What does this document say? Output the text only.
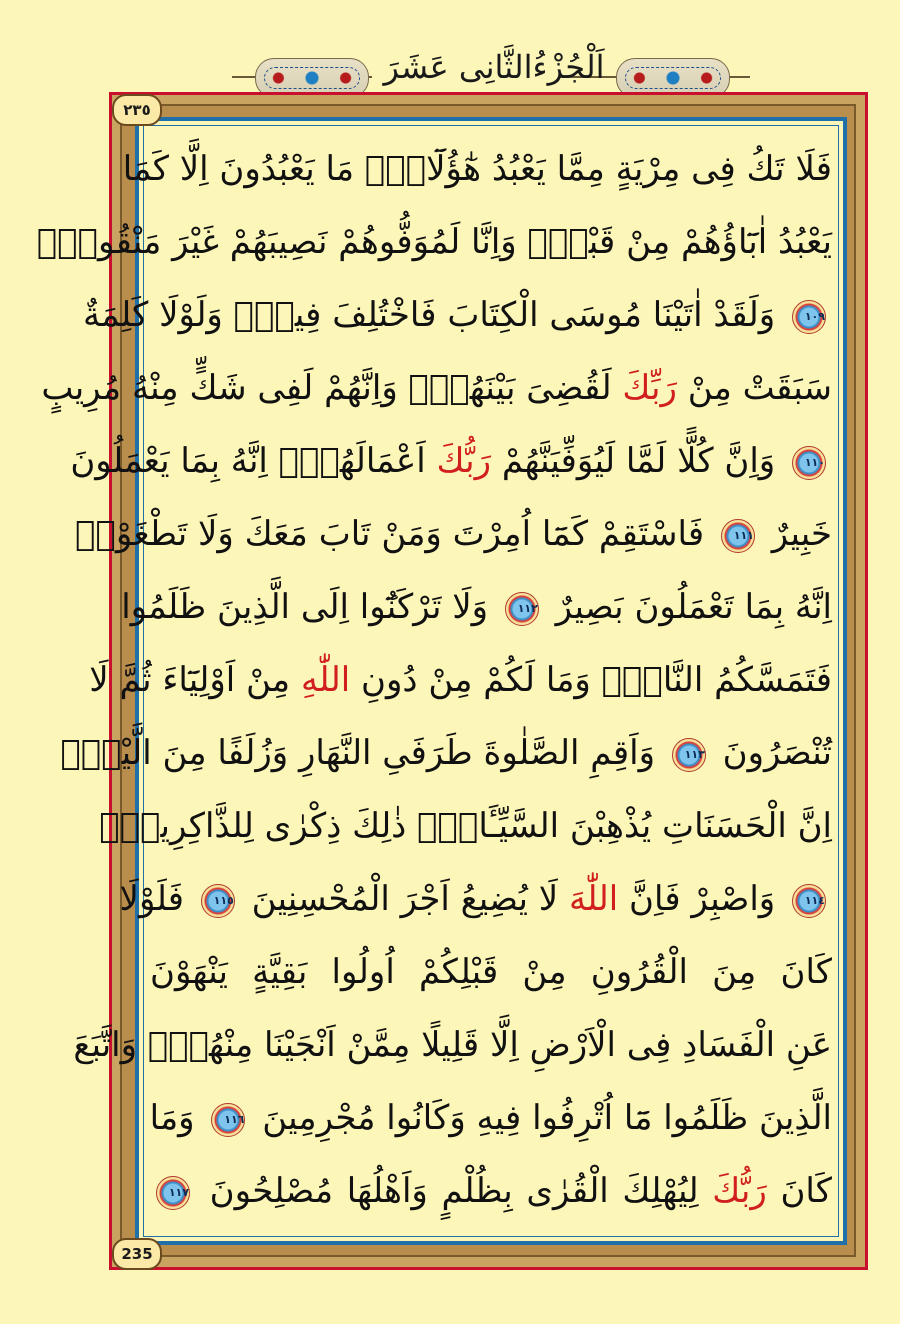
اَلْجُزْءُالثَّانِى عَشَرَ
٢٣٥
فَلَا تَكُ فِى مِرْيَةٍ مِمَّا يَعْبُدُ هٰٓؤُلَٓاءِۜ مَا يَعْبُدُونَ اِلَّا كَمَا
يَعْبُدُ اٰبَٓاؤُهُمْ مِنْ قَبْلُۜ وَاِنَّا لَمُوَفُّوهُمْ نَصِيبَهُمْ غَيْرَ مَنْقُوصٍۚ
١٠٩ وَلَقَدْ اٰتَيْنَا مُوسَى الْكِتَابَ فَاخْتُلِفَ فِيهِۜ وَلَوْلَا كَلِمَةٌ
سَبَقَتْ مِنْ رَبِّكَ لَقُضِىَ بَيْنَهُمْۜ وَاِنَّهُمْ لَفِى شَكٍّ مِنْهُ مُرِيبٍ
١١٠ وَاِنَّ كُلًّا لَمَّا لَيُوَفِّيَنَّهُمْ رَبُّكَ اَعْمَالَهُمْۜ اِنَّهُ بِمَا يَعْمَلُونَ
خَبِيرٌ ١١١ فَاسْتَقِمْ كَمَٓا اُمِرْتَ وَمَنْ تَابَ مَعَكَ وَلَا تَطْغَوْاۜ
اِنَّهُ بِمَا تَعْمَلُونَ بَصِيرٌ ١١٢ وَلَا تَرْكَنُٓوا اِلَى الَّذِينَ ظَلَمُوا
فَتَمَسَّكُمُ النَّارُۙ وَمَا لَكُمْ مِنْ دُونِ اللّٰهِ مِنْ اَوْلِيَٓاءَ ثُمَّ لَا
تُنْصَرُونَ ١١٣ وَاَقِمِ الصَّلٰوةَ طَرَفَىِ النَّهَارِ وَزُلَفًا مِنَ الَّيْلِۜ
اِنَّ الْحَسَنَاتِ يُذْهِبْنَ السَّيِّـَٔاتِۜ ذٰلِكَ ذِكْرٰى لِلذَّاكِرِينَۚ
١١٤ وَاصْبِرْ فَاِنَّ اللّٰهَ لَا يُضِيعُ اَجْرَ الْمُحْسِنِينَ ١١٥ فَلَوْلَا
كَانَ مِنَ الْقُرُونِ مِنْ قَبْلِكُمْ اُولُوا بَقِيَّةٍ يَنْهَوْنَ
عَنِ الْفَسَادِ فِى الْاَرْضِ اِلَّا قَلِيلًا مِمَّنْ اَنْجَيْنَا مِنْهُمْۚ وَاتَّبَعَ
الَّذِينَ ظَلَمُوا مَٓا اُتْرِفُوا فِيهِ وَكَانُوا مُجْرِمِينَ ١١٦ وَمَا
كَانَ رَبُّكَ لِيُهْلِكَ الْقُرٰى بِظُلْمٍ وَاَهْلُهَا مُصْلِحُونَ ١١٧
235
